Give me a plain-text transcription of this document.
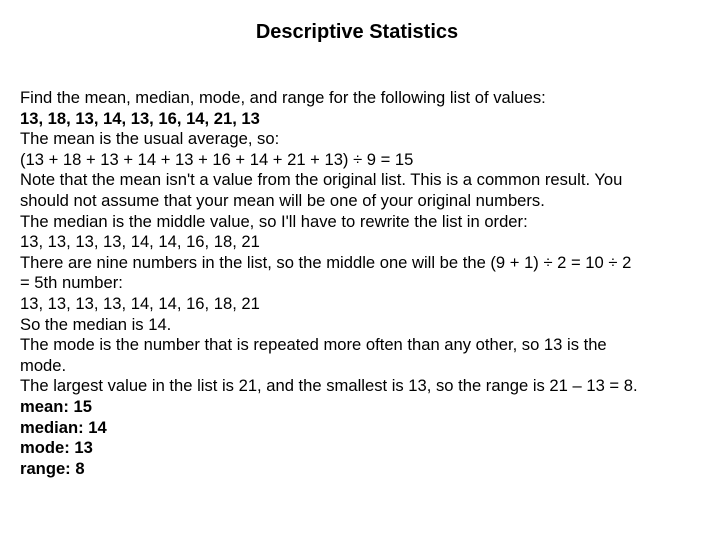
Descriptive Statistics
Find the mean, median, mode, and range for the following list of values:
13, 18, 13, 14, 13, 16, 14, 21, 13
The mean is the usual average, so:
(13 + 18 + 13 + 14 + 13 + 16 + 14 + 21 + 13) ÷ 9 = 15
Note that the mean isn't a value from the original list. This is a common result. You
should not assume that your mean will be one of your original numbers.
The median is the middle value, so I'll have to rewrite the list in order:
13, 13, 13, 13, 14, 14, 16, 18, 21
There are nine numbers in the list, so the middle one will be the (9 + 1) ÷ 2 = 10 ÷ 2
= 5th number:
13, 13, 13, 13, 14, 14, 16, 18, 21
So the median is 14.
The mode is the number that is repeated more often than any other, so 13 is the
mode.
The largest value in the list is 21, and the smallest is 13, so the range is 21 – 13 = 8.
mean: 15
median: 14
mode: 13
range: 8
